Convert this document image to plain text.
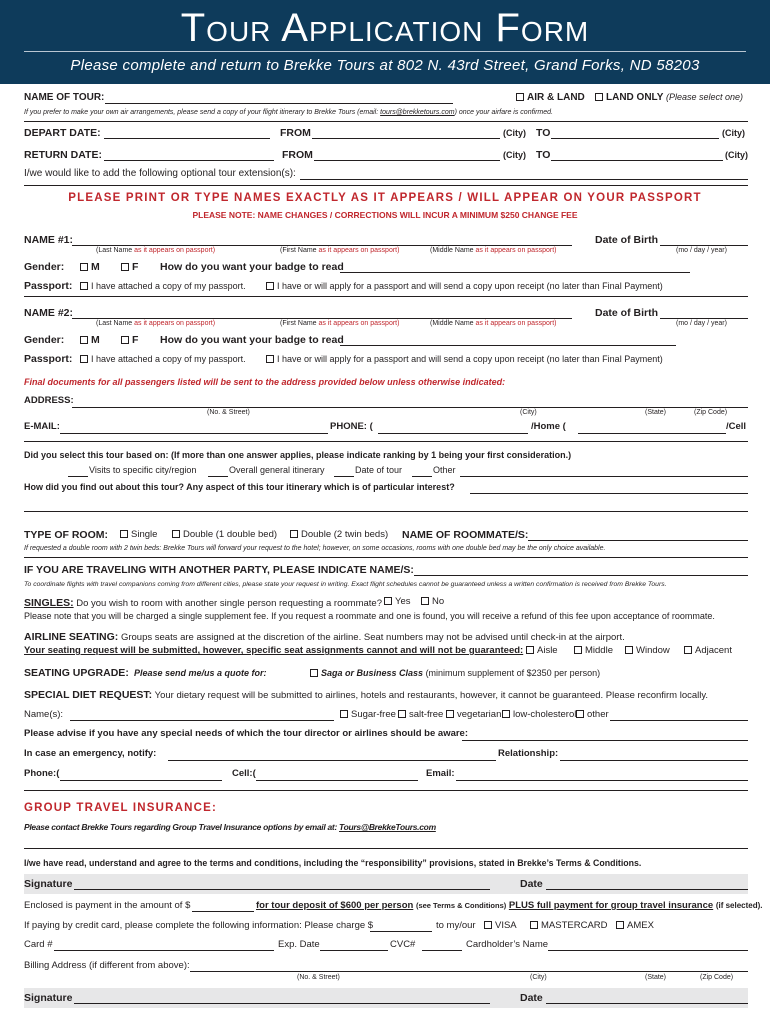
Tour Application Form
Please complete and return to Brekke Tours at 802 N. 43rd Street, Grand Forks, ND 58203
NAME OF TOUR:	AIR & LAND	LAND ONLY (Please select one)
If you prefer to make your own air arrangements, please send a copy of your flight itinerary to Brekke Tours (email: tours@brekketours.com) once your airfare is confirmed.
DEPART DATE:	FROM	(City) TO	(City)
RETURN DATE:	FROM	(City) TO	(City)
I/we would like to add the following optional tour extension(s):
PLEASE PRINT OR TYPE NAMES EXACTLY AS IT APPEARS / WILL APPEAR ON YOUR PASSPORT
PLEASE NOTE: NAME CHANGES / CORRECTIONS WILL INCUR A MINIMUM $250 CHANGE FEE
NAME #1:	Date of Birth
(Last Name as it appears on passport)	(First Name as it appears on passport)	(Middle Name as it appears on passport)	(mo / day / year)
Gender:	M	F How do you want your badge to read
Passport:	I have attached a copy of my passport.	I have or will apply for a passport and will send a copy upon receipt (no later than Final Payment)
NAME #2:	Date of Birth
(Last Name as it appears on passport)	(First Name as it appears on passport)	(Middle Name as it appears on passport)	(mo / day / year)
Gender:	M	F How do you want your badge to read
Passport:	I have attached a copy of my passport.	I have or will apply for a passport and will send a copy upon receipt (no later than Final Payment)
Final documents for all passengers listed will be sent to the address provided below unless otherwise indicated:
ADDRESS:
(No. & Street)	(City)	(State)	(Zip Code)
E-MAIL:	PHONE: (	/Home (	/Cell
Did you select this tour based on: (If more than one answer applies, please indicate ranking by 1 being your first consideration.)
Visits to specific city/region	Overall general itinerary	Date of tour	Other
How did you find out about this tour? Any aspect of this tour itinerary which is of particular interest?
TYPE OF ROOM:	Single	Double (1 double bed)	Double (2 twin beds) NAME OF ROOMMATE/S:
If requested a double room with 2 twin beds: Brekke Tours will forward your request to the hotel; however, on some occasions, rooms with one double bed may be the only choice available.
IF YOU ARE TRAVELING WITH ANOTHER PARTY, PLEASE INDICATE NAME/S:
To coordinate flights with travel companions coming from different cities, please state your request in writing. Exact flight schedules cannot be guaranteed unless a written confirmation is received from Brekke Tours.
SINGLES: Do you wish to room with another single person requesting a roommate?	Yes	No
Please note that you will be charged a single supplement fee. If you request a roommate and one is found, you will receive a refund of this fee upon acceptance of roommate.
AIRLINE SEATING: Groups seats are assigned at the discretion of the airline. Seat numbers may not be advised until check-in at the airport.
Your seating request will be submitted, however, specific seat assignments cannot and will not be guaranteed:	Aisle	Middle	Window	Adjacent
SEATING UPGRADE: Please send me/us a quote for:	Saga or Business Class (minimum supplement of $2350 per person)
SPECIAL DIET REQUEST: Your dietary request will be submitted to airlines, hotels and restaurants, however, it cannot be guaranteed. Please reconfirm locally.
Name(s):	Sugar-free	salt-free	vegetarian	low-cholesterol	other
Please advise if you have any special needs of which the tour director or airlines should be aware:
In case an emergency, notify:	Relationship:
Phone:(	Cell:(	Email:
GROUP TRAVEL INSURANCE:
Please contact Brekke Tours regarding Group Travel Insurance options by email at: Tours@BrekkeTours.com
I/we have read, understand and agree to the terms and conditions, including the “responsibility” provisions, stated in Brekke’s Terms & Conditions.
Signature	Date
Enclosed is payment in the amount of $	for tour deposit of $600 per person (see Terms & Conditions) PLUS full payment for group travel insurance (if selected).
If paying by credit card, please complete the following information: Please charge $	to my/our	VISA	MASTERCARD	AMEX
Card #	Exp. Date	CVC#	Cardholder’s Name
Billing Address (if different from above):
(No. & Street)	(City)	(State)	(Zip Code)
Signature	Date
